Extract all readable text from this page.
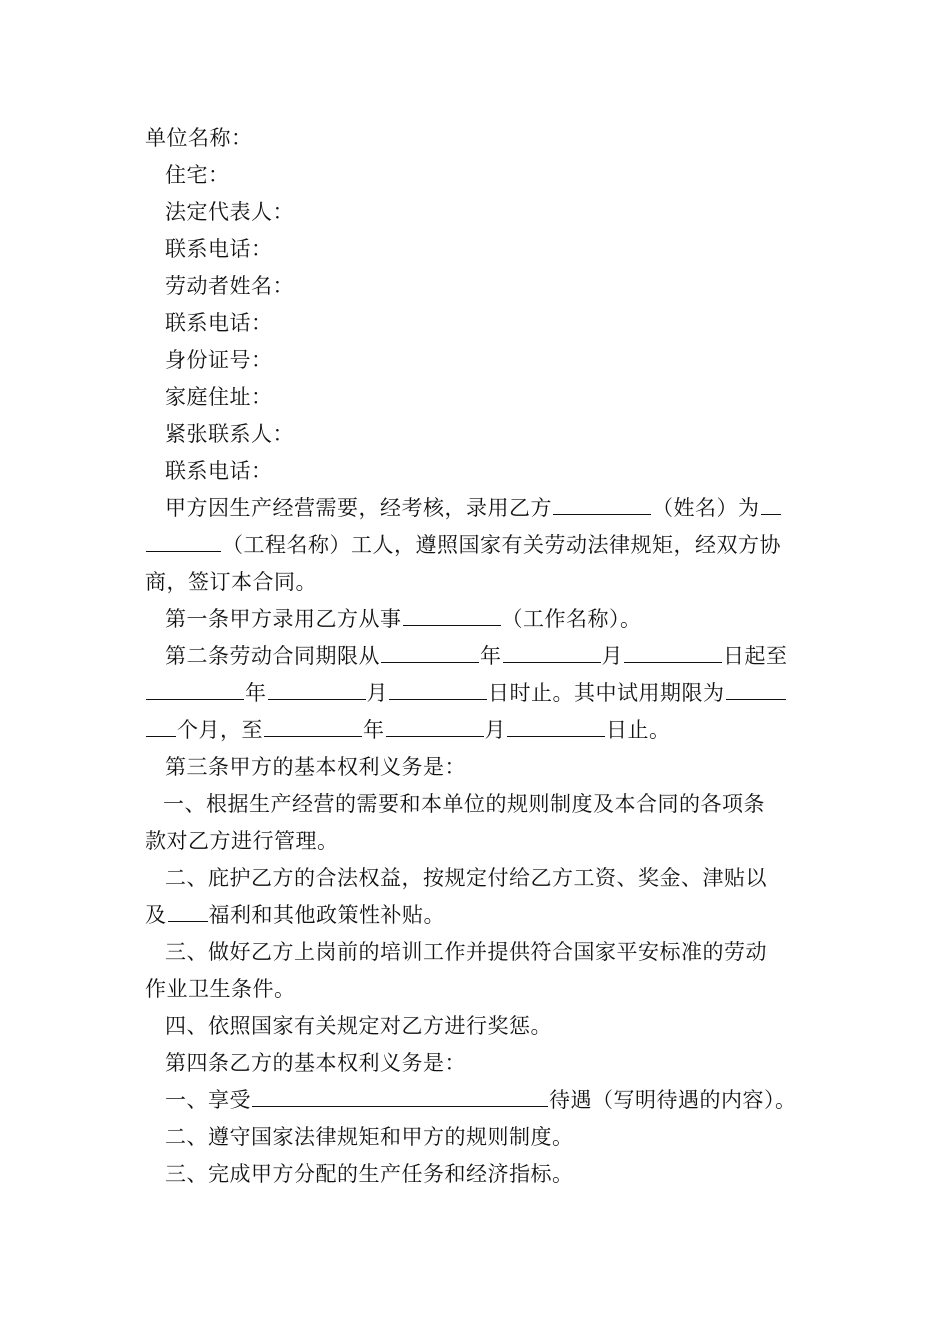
单位名称：
住宅：
法定代表人：
联系电话：
劳动者姓名：
联系电话：
身份证号：
家庭住址：
紧张联系人：
联系电话：
甲方因生产经营需要，经考核，录用乙方	（姓名）为
（工程名称）工人，遵照国家有关劳动法律规矩，经双方协
商，签订本合同。
第一条甲方录用乙方从事	（工作名称）。
第二条劳动合同期限从	年	月	日起至
年	月	日时止。其中试用期限为
个月，至	年	月	日止。
第三条甲方的基本权利义务是：
一、根据生产经营的需要和本单位的规则制度及本合同的各项条
款对乙方进行管理。
二、庇护乙方的合法权益，按规定付给乙方工资、奖金、津贴以
及 福利和其他政策性补贴。
三、做好乙方上岗前的培训工作并提供符合国家平安标准的劳动
作业卫生条件。
四、依照国家有关规定对乙方进行奖惩。
第四条乙方的基本权利义务是：
一、享受	待遇（写明待遇的内容）。
二、遵守国家法律规矩和甲方的规则制度。
三、完成甲方分配的生产任务和经济指标。
